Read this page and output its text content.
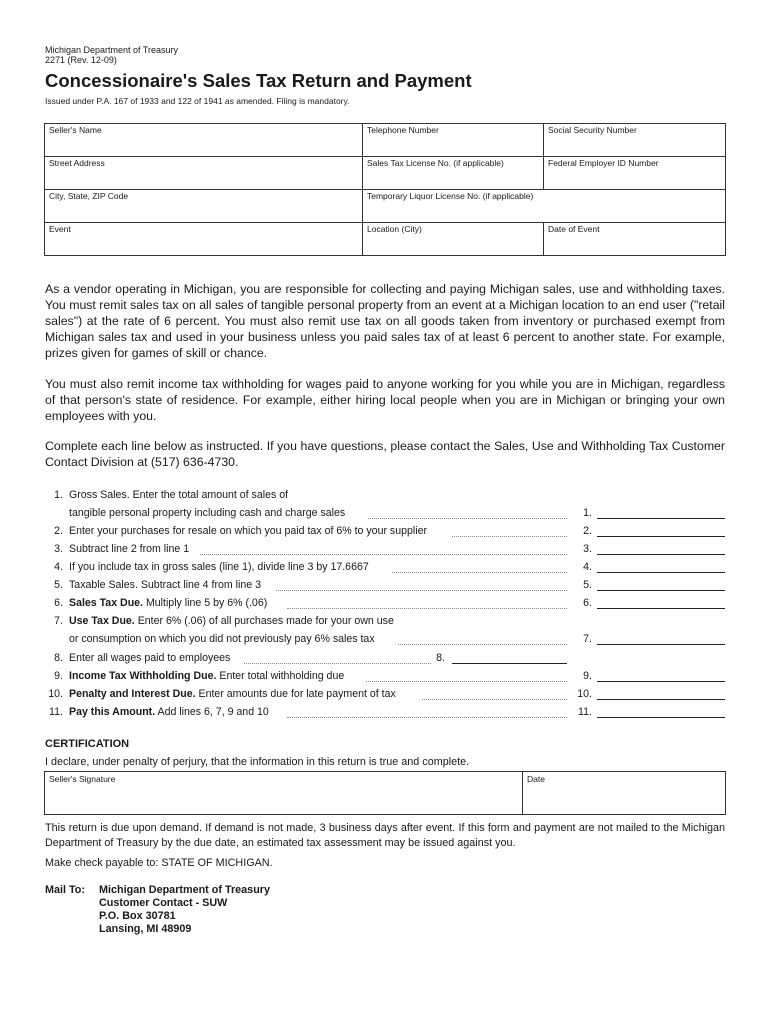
Michigan Department of Treasury
2271 (Rev. 12-09)
Concessionaire's Sales Tax Return and Payment
Issued under P.A. 167 of 1933 and 122 of 1941 as amended. Filing is mandatory.
Seller's Name	Telephone Number	Social Security Number
Street Address	Sales Tax License No. (if applicable)	Federal Employer ID Number
City, State, ZIP Code	Temporary Liquor License No. (if applicable)	
Event	Location (City)	Date of Event
As a vendor operating in Michigan, you are responsible for collecting and paying Michigan sales, use and withholding taxes. You must remit sales tax on all sales of tangible personal property from an event at a Michigan location to an end user ("retail sales") at the rate of 6 percent. You must also remit use tax on all goods taken from inventory or purchased exempt from Michigan sales tax and used in your business unless you paid sales tax of at least 6 percent to another state. For example, prizes given for games of skill or chance.
You must also remit income tax withholding for wages paid to anyone working for you while you are in Michigan, regardless of that person's state of residence. For example, either hiring local people when you are in Michigan or bringing your own employees with you.
Complete each line below as instructed. If you have questions, please contact the Sales, Use and Withholding Tax Customer Contact Division at (517) 636-4730.
1. Gross Sales. Enter the total amount of sales of
tangible personal property including cash and charge sales	1.
2. Enter your purchases for resale on which you paid tax of 6% to your supplier	2.
3. Subtract line 2 from line 1	3.
4. If you include tax in gross sales (line 1), divide line 3 by 17.6667	4.
5. Taxable Sales. Subtract line 4 from line 3	5.
6. Sales Tax Due. Multiply line 5 by 6% (.06)	6.
7. Use Tax Due. Enter 6% (.06) of all purchases made for your own use
or consumption on which you did not previously pay 6% sales tax	7.
8. Enter all wages paid to employees	8.
9. Income Tax Withholding Due. Enter total withholding due	9.
10. Penalty and Interest Due. Enter amounts due for late payment of tax	10.
11. Pay this Amount. Add lines 6, 7, 9 and 10	11.
CERTIFICATION
I declare, under penalty of perjury, that the information in this return is true and complete.
Seller's Signature	Date
This return is due upon demand. If demand is not made, 3 business days after event. If this form and payment are not mailed to the Michigan Department of Treasury by the due date, an estimated tax assessment may be issued against you.
Make check payable to: STATE OF MICHIGAN.
Mail To: Michigan Department of Treasury
Customer Contact - SUW
P.O. Box 30781
Lansing, MI 48909
